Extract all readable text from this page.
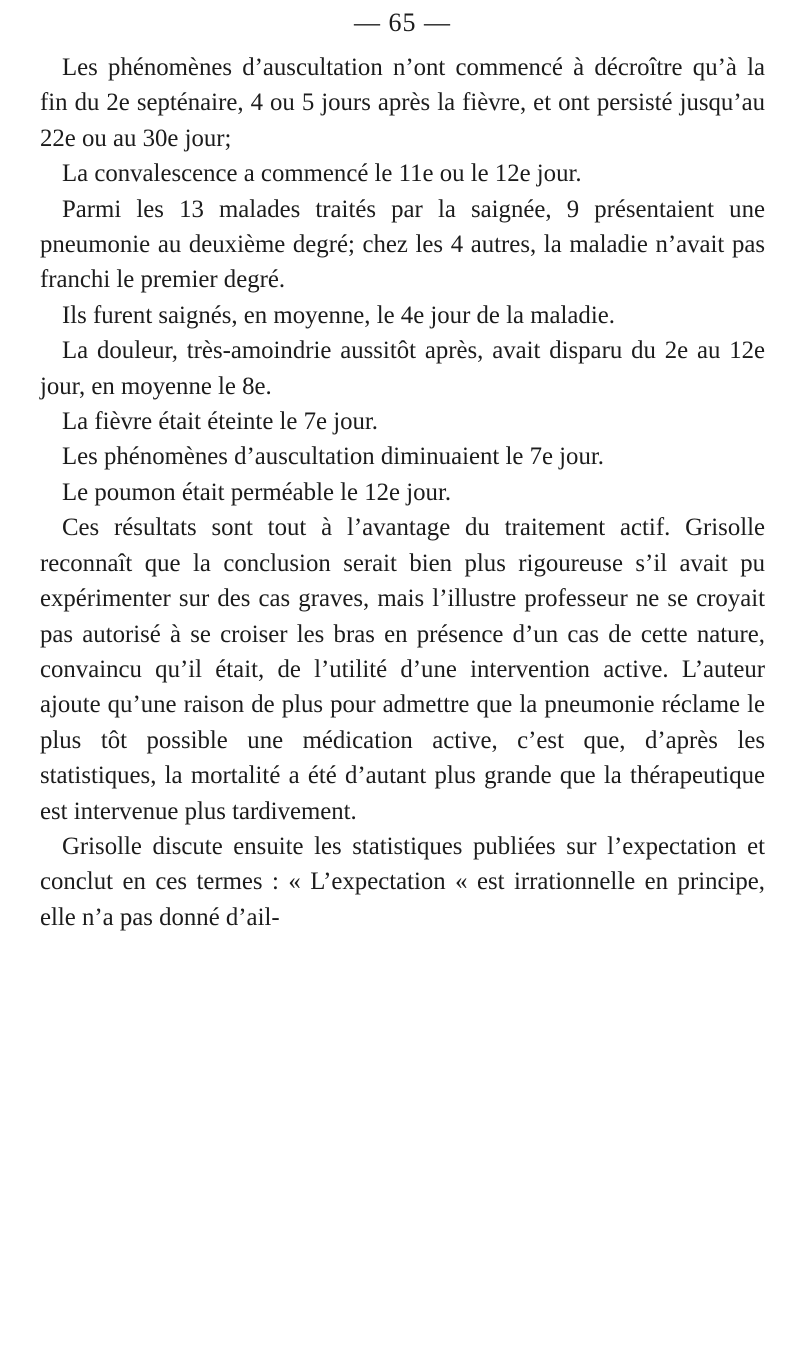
— 65 —

Les phénomènes d’auscultation n’ont commencé à décroître qu’à la fin du 2e septénaire, 4 ou 5 jours après la fièvre, et ont persisté jusqu’au 22e ou au 30e jour;

La convalescence a commencé le 11e ou le 12e jour.

Parmi les 13 malades traités par la saignée, 9 présentaient une pneumonie au deuxième degré; chez les 4 autres, la maladie n’avait pas franchi le premier degré.

Ils furent saignés, en moyenne, le 4e jour de la maladie.

La douleur, très-amoindrie aussitôt après, avait disparu du 2e au 12e jour, en moyenne le 8e.

La fièvre était éteinte le 7e jour.

Les phénomènes d’auscultation diminuaient le 7e jour.

Le poumon était perméable le 12e jour.

Ces résultats sont tout à l’avantage du traitement actif. Grisolle reconnaît que la conclusion serait bien plus rigoureuse s’il avait pu expérimenter sur des cas graves, mais l’illustre professeur ne se croyait pas autorisé à se croiser les bras en présence d’un cas de cette nature, convaincu qu’il était, de l’utilité d’une intervention active. L’auteur ajoute qu’une raison de plus pour admettre que la pneumonie réclame le plus tôt possible une médication active, c’est que, d’après les statistiques, la mortalité a été d’autant plus grande que la thérapeutique est intervenue plus tardivement.

Grisolle discute ensuite les statistiques publiées sur l’expectation et conclut en ces termes : « L’expectation « est irrationnelle en principe, elle n’a pas donné d’ail-
